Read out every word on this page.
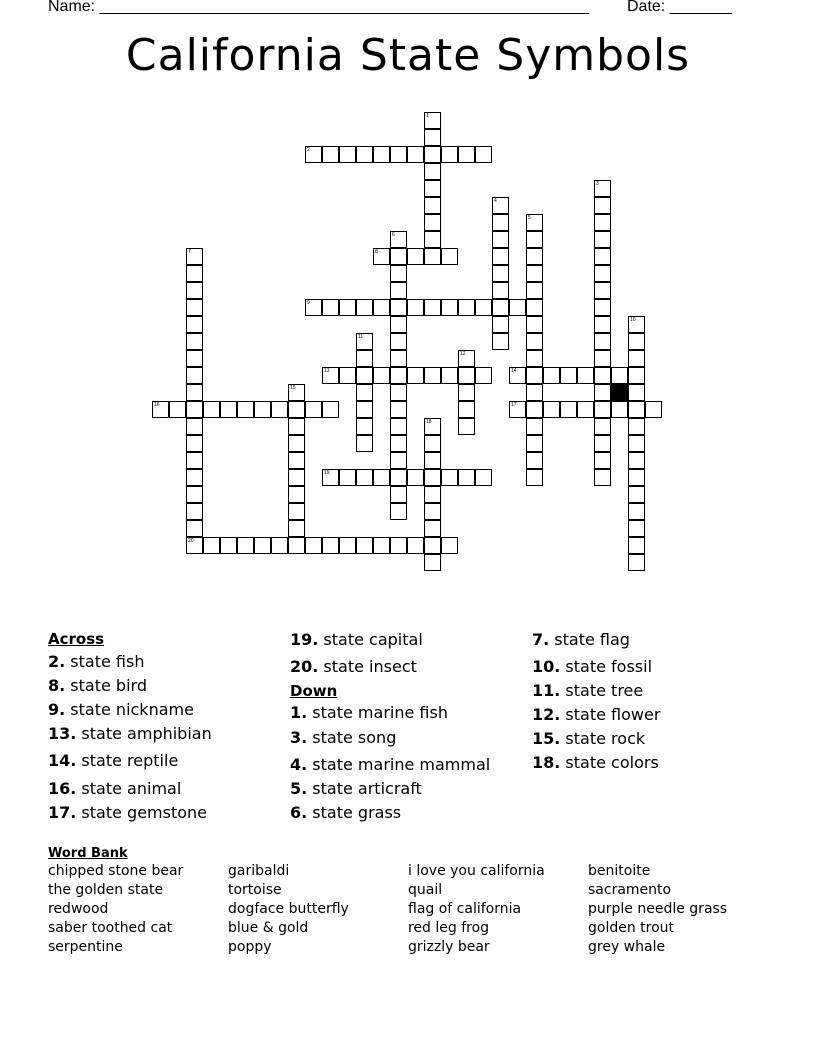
Name: _______________________________________________________ Date: _______
California State Symbols
1
2
3
4
5
6
7	8
9
10
11
12
13	14
15
16	17
18
19
20
Across
2. state fish
8. state bird
9. state nickname
13. state amphibian
14. state reptile
16. state animal
17. state gemstone
19. state capital
20. state insect
Down
1. state marine fish
3. state song
4. state marine mammal
5. state articraft
6. state grass
7. state flag
10. state fossil
11. state tree
12. state flower
15. state rock
18. state colors
Word Bank
chipped stone bear
the golden state
redwood
saber toothed cat
serpentine
garibaldi
tortoise
dogface butterfly
blue & gold
poppy
i love you california
quail
flag of california
red leg frog
grizzly bear
benitoite
sacramento
purple needle grass
golden trout
grey whale
